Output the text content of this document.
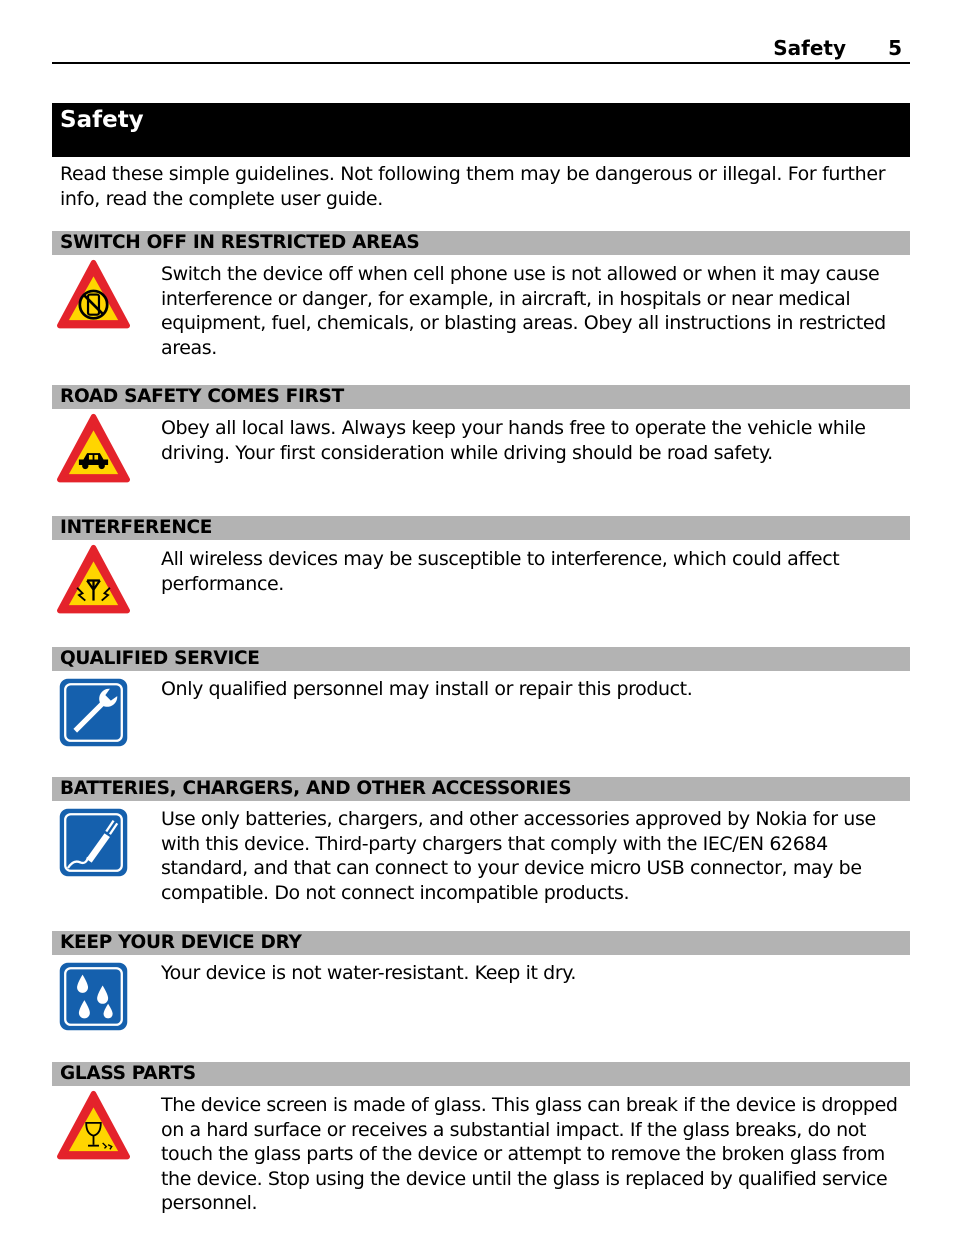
Safety 5
Safety
Read these simple guidelines. Not following them may be dangerous or illegal. For further info, read the complete user guide.
SWITCH OFF IN RESTRICTED AREAS
Switch the device off when cell phone use is not allowed or when it may cause interference or danger, for example, in aircraft, in hospitals or near medical equipment, fuel, chemicals, or blasting areas. Obey all instructions in restricted areas.
ROAD SAFETY COMES FIRST
Obey all local laws. Always keep your hands free to operate the vehicle while driving. Your first consideration while driving should be road safety.
INTERFERENCE
All wireless devices may be susceptible to interference, which could affect performance.
QUALIFIED SERVICE
Only qualified personnel may install or repair this product.
BATTERIES, CHARGERS, AND OTHER ACCESSORIES
Use only batteries, chargers, and other accessories approved by Nokia for use with this device. Third-party chargers that comply with the IEC/EN 62684 standard, and that can connect to your device micro USB connector, may be compatible. Do not connect incompatible products.
KEEP YOUR DEVICE DRY
Your device is not water-resistant. Keep it dry.
GLASS PARTS
The device screen is made of glass. This glass can break if the device is dropped on a hard surface or receives a substantial impact. If the glass breaks, do not touch the glass parts of the device or attempt to remove the broken glass from the device. Stop using the device until the glass is replaced by qualified service personnel.
